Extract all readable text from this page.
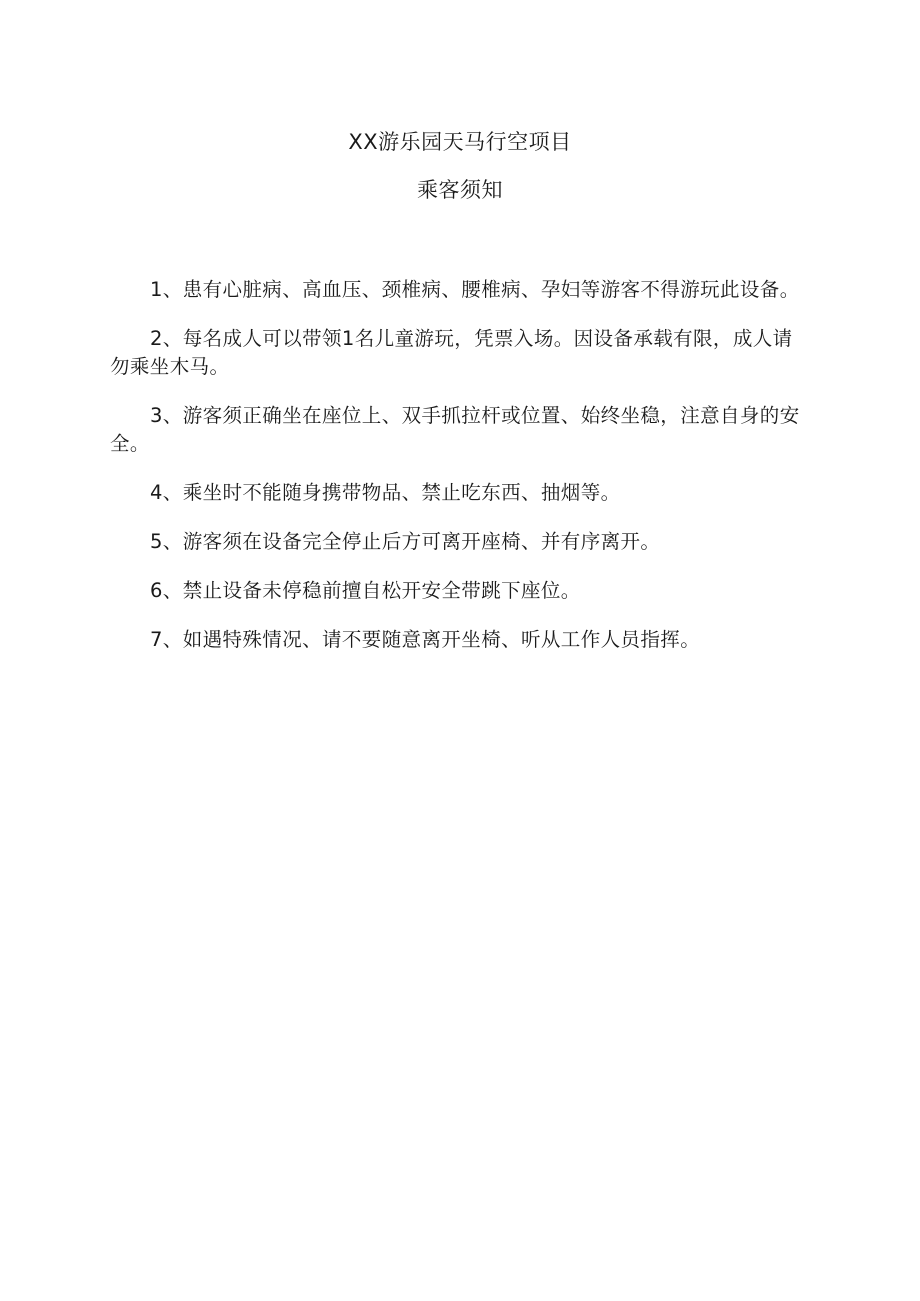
XX游乐园天马行空项目

乘客须知

1、患有心脏病、高血压、颈椎病、腰椎病、孕妇等游客不得游玩此设备。
2、每名成人可以带领1名儿童游玩，凭票入场。因设备承载有限，成人请勿乘坐木马。
3、游客须正确坐在座位上、双手抓拉杆或位置、始终坐稳，注意自身的安全。
4、乘坐时不能随身携带物品、禁止吃东西、抽烟等。
5、游客须在设备完全停止后方可离开座椅、并有序离开。
6、禁止设备未停稳前擅自松开安全带跳下座位。
7、如遇特殊情况、请不要随意离开坐椅、听从工作人员指挥。
